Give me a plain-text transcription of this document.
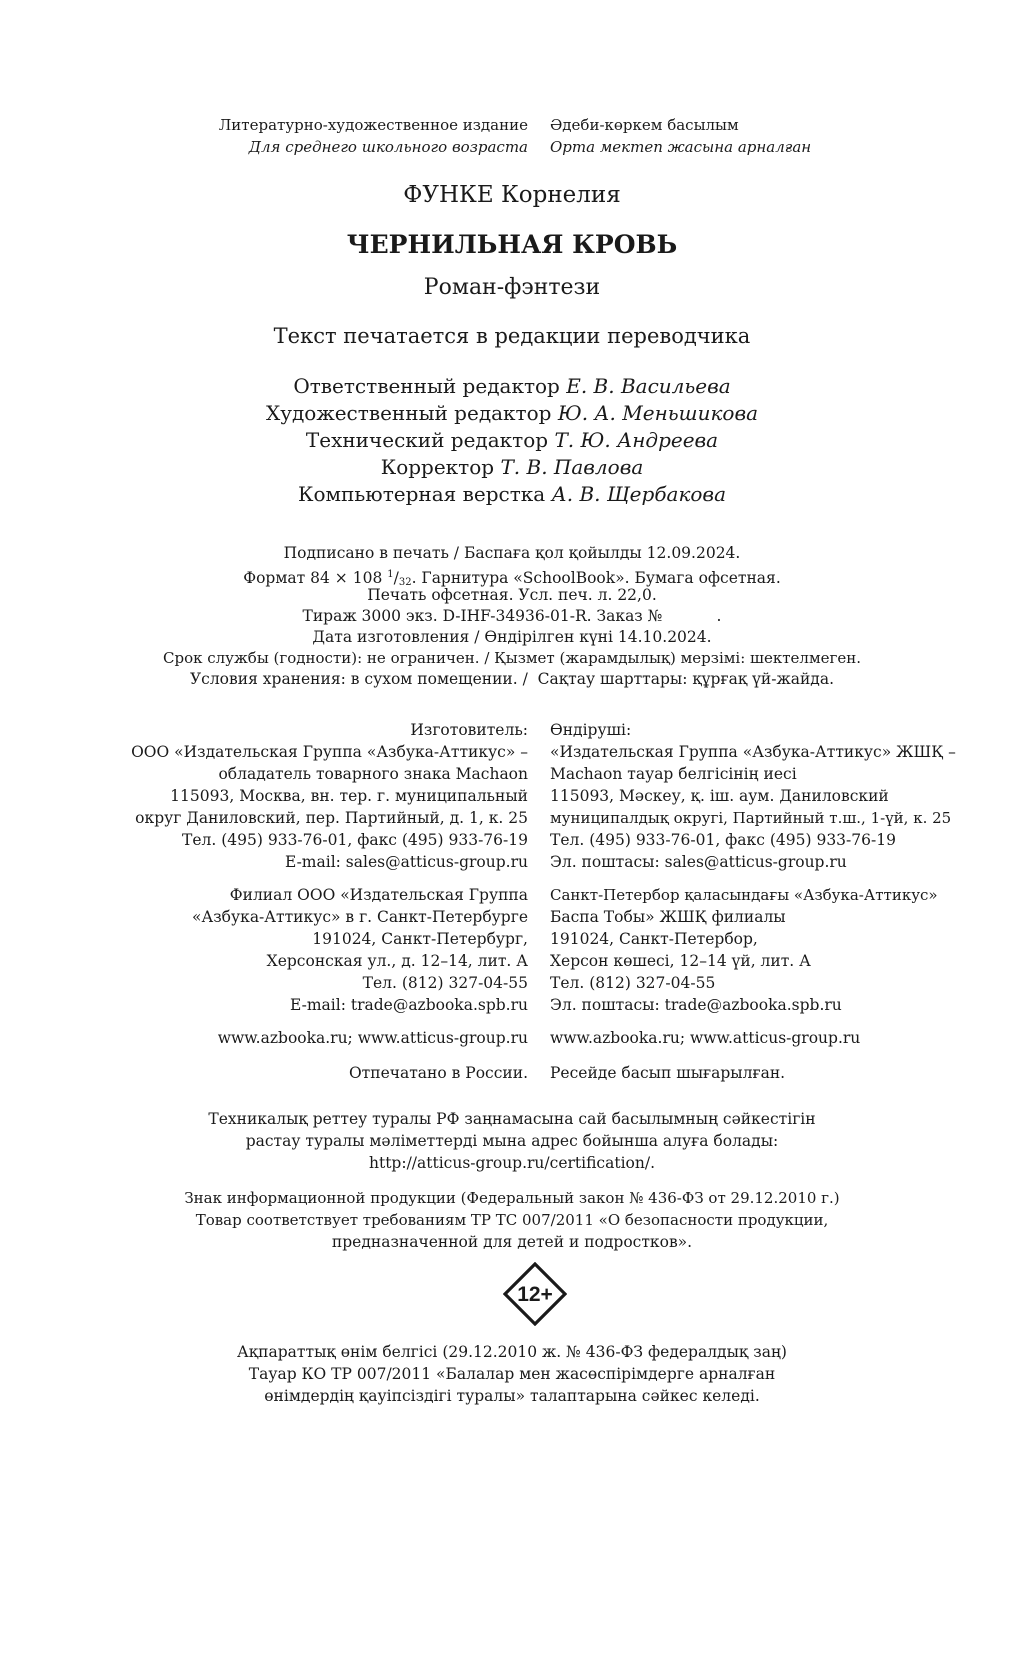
Литературно-художественное издание Әдеби-көркем басылым
Для среднего школьного возраста Орта мектеп жасына арналған
ФУНКЕ Корнелия
ЧЕРНИЛЬНАЯ КРОВЬ
Роман-фэнтези
Текст печатается в редакции переводчика
Ответственный редактор Е. В. Васильева
Художественный редактор Ю. А. Меньшикова
Технический редактор Т. Ю. Андреева
Корректор Т. В. Павлова
Компьютерная верстка А. В. Щербакова
Подписано в печать / Баспаға қол қойылды 12.09.2024.
Формат 84 × 108 $^1/_{32}$. Гарнитура «SchoolBook». Бумага офсетная.
Печать офсетная. Усл. печ. л. 22,0.
Тираж 3000 экз. D-IHF-34936-01-R. Заказ №           .
Дата изготовления / Өндірілген күні 14.10.2024.
Срок службы (годности): не ограничен. / Қызмет (жарамдылық) мерзімі: шектелмеген.
Условия хранения: в сухом помещении. /  Сақтау шарттары: құрғақ үй-жайда.
Изготовитель:
ООО «Издательская Группа «Азбука-Аттикус» –
обладатель товарного знака Machaon
115093, Москва, вн. тер. г. муниципальный
округ Даниловский, пер. Партийный, д. 1, к. 25
Тел. (495) 933-76-01, факс (495) 933-76-19
E-mail: sales@atticus-group.ru
Өндіруші:
«Издательская Группа «Азбука-Аттикус» ЖШҚ –
Machaon тауар белгісінің иесі
115093, Мәскеу, қ. іш. аум. Даниловский
муниципалдық округі, Партийный т.ш., 1-үй, к. 25
Tел. (495) 933-76-01, факс (495) 933-76-19
Эл. поштасы: sales@atticus-group.ru
Филиал ООО «Издательская Группа
«Азбука-Аттикус» в г. Санкт-Петербурге
191024, Санкт-Петербург,
Херсонская ул., д. 12–14, лит. А
Тел. (812) 327-04-55
E-mail: trade@azbooka.spb.ru
Санкт-Петербор қаласындағы «Азбука-Аттикус»
Баспа Тобы» ЖШҚ филиалы
191024, Санкт-Петербор,
Херсон көшесі, 12–14 үй, лит. А
Tел. (812) 327-04-55
Эл. поштасы: trade@azbooka.spb.ru
www.azbooka.ru; www.atticus-group.ru www.azbooka.ru; www.atticus-group.ru
Отпечатано в России. Ресейде басып шығарылған.
Техникалық реттеу туралы РФ заңнамасына сай басылымның сәйкестігін
растау туралы мәліметтерді мына адрес бойынша алуға болады:
http://atticus-group.ru/certification/.
Знак информационной продукции (Федеральный закон № 436-ФЗ от 29.12.2010 г.)
Товар соответствует требованиям ТР ТС 007/2011 «О безопасности продукции,
предназначенной для детей и подростков».
12+
Ақпараттық өнім белгісі (29.12.2010 ж. № 436-ФЗ федералдық заң)
Тауар КО ТР 007/2011 «Балалар мен жасөспірімдерге арналған
өнімдердің қауіпсіздігі туралы» талаптарына сәйкес келеді.
